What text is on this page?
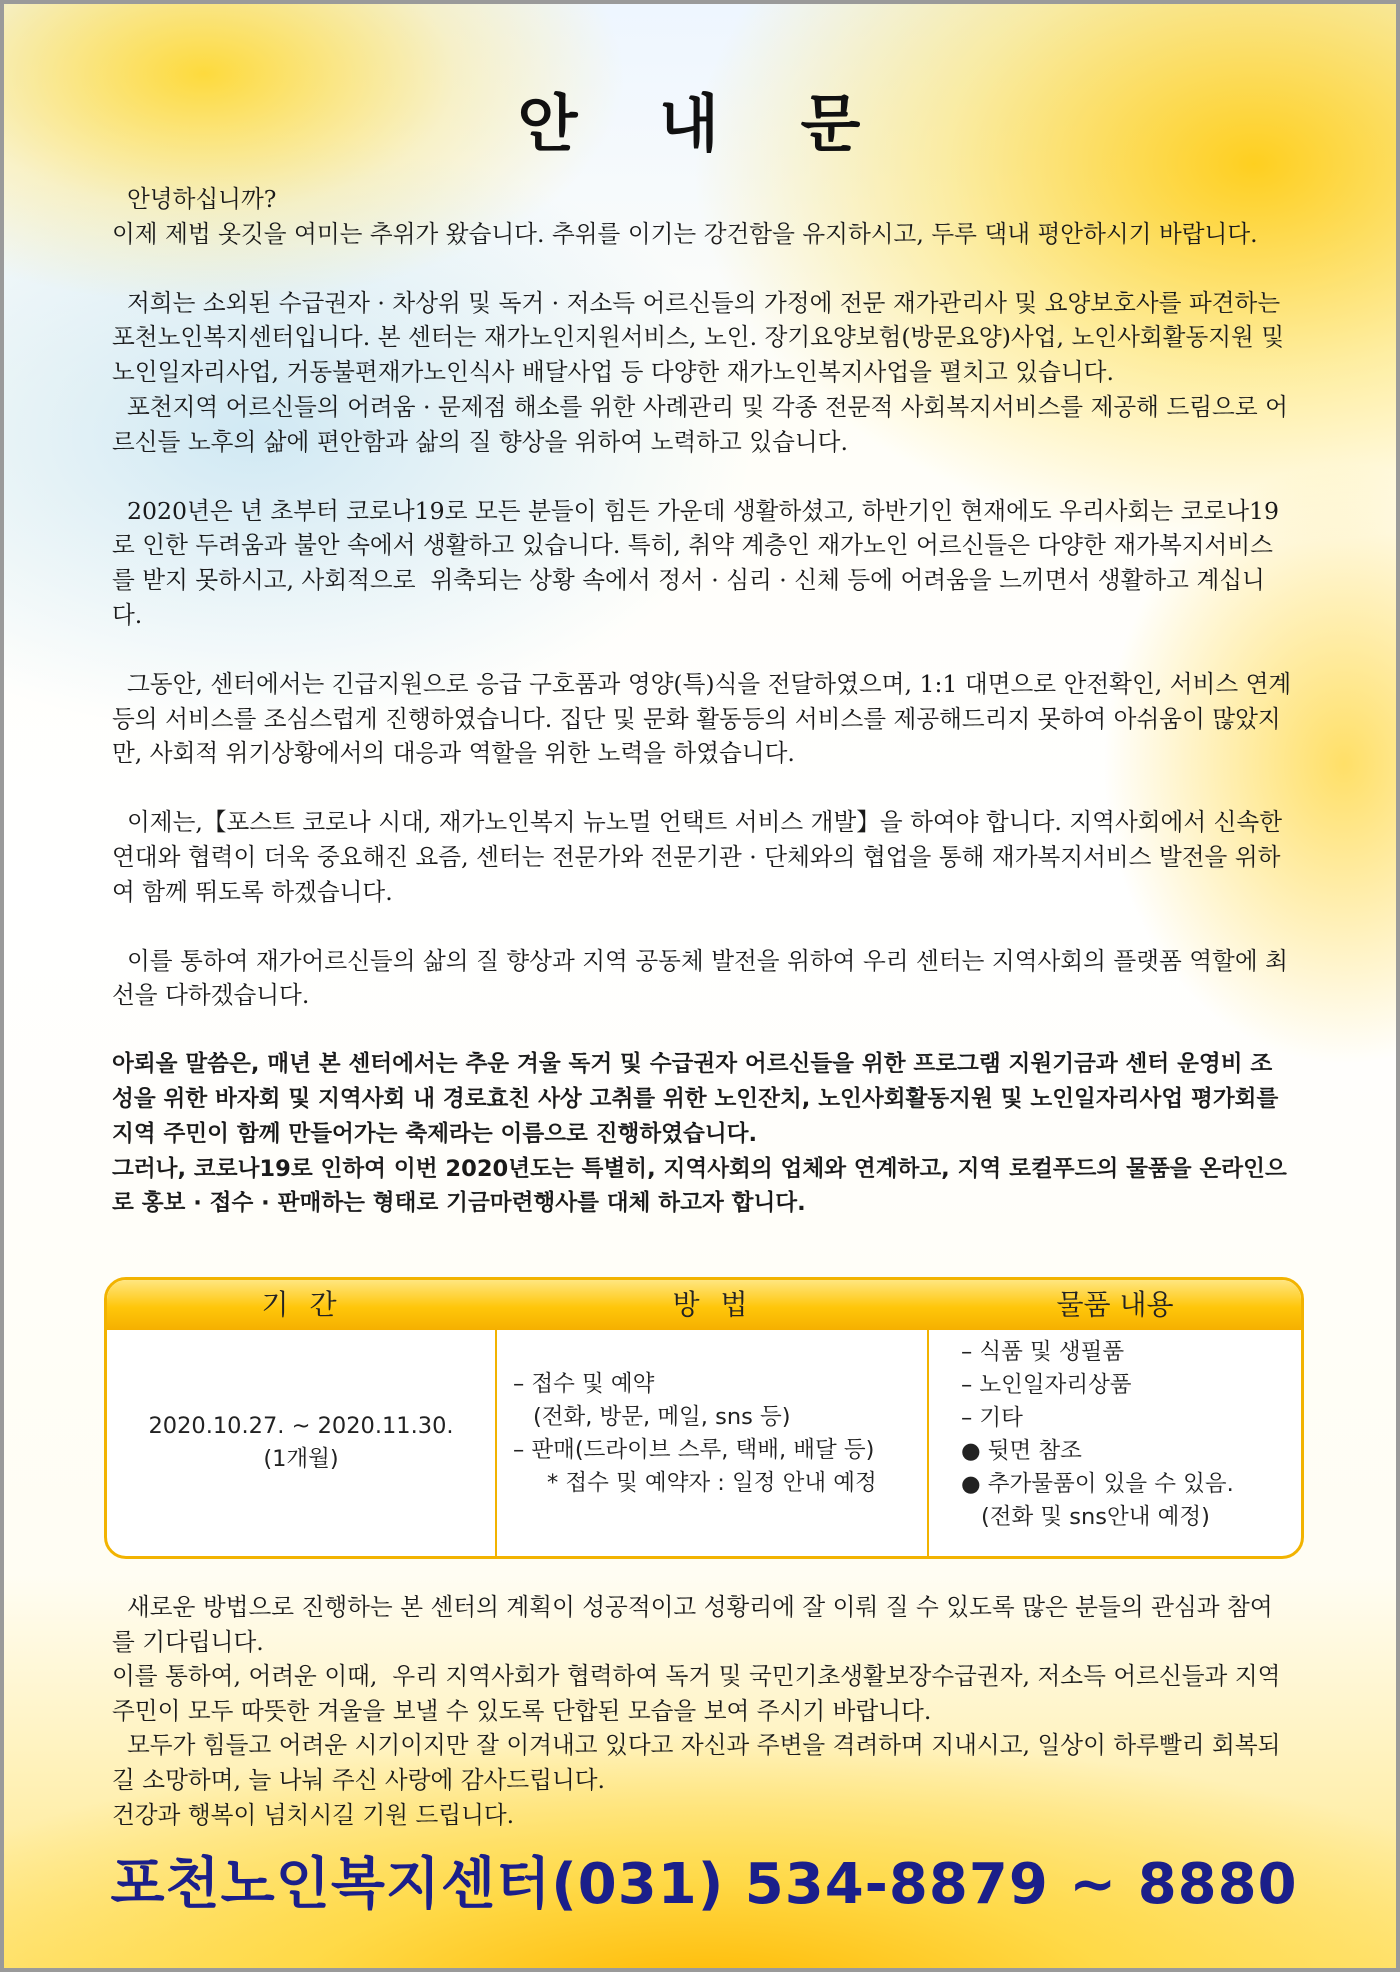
안 내 문

안녕하십니까?

이제 제법 옷깃을 여미는 추위가 왔습니다. 추위를 이기는 강건함을 유지하시고, 두루 댁내 평안하시기 바랍니다.

저희는 소외된 수급권자 · 차상위 및 독거 · 저소득 어르신들의 가정에 전문 재가관리사 및 요양보호사를 파견하는 포천노인복지센터입니다. 본 센터는 재가노인지원서비스, 노인. 장기요양보험(방문요양)사업, 노인사회활동지원 및 노인일자리사업, 거동불편재가노인식사 배달사업 등 다양한 재가노인복지사업을 펼치고 있습니다.

포천지역 어르신들의 어려움 · 문제점 해소를 위한 사례관리 및 각종 전문적 사회복지서비스를 제공해 드림으로 어르신들 노후의 삶에 편안함과 삶의 질 향상을 위하여 노력하고 있습니다.

2020년은 년 초부터 코로나19로 모든 분들이 힘든 가운데 생활하셨고, 하반기인 현재에도 우리사회는 코로나19로 인한 두려움과 불안 속에서 생활하고 있습니다. 특히, 취약 계층인 재가노인 어르신들은 다양한 재가복지서비스를 받지 못하시고, 사회적으로  위축되는 상황 속에서 정서 · 심리 · 신체 등에 어려움을 느끼면서 생활하고 계십니다.

그동안, 센터에서는 긴급지원으로 응급 구호품과 영양(특)식을 전달하였으며, 1:1 대면으로 안전확인, 서비스 연계 등의 서비스를 조심스럽게 진행하였습니다. 집단 및 문화 활동등의 서비스를 제공해드리지 못하여 아쉬움이 많았지만, 사회적 위기상황에서의 대응과 역할을 위한 노력을 하였습니다.

이제는,【포스트 코로나 시대, 재가노인복지 뉴노멀 언택트 서비스 개발】을 하여야 합니다. 지역사회에서 신속한 연대와 협력이 더욱 중요해진 요즘, 센터는 전문가와 전문기관 · 단체와의 협업을 통해 재가복지서비스 발전을 위하여 함께 뛰도록 하겠습니다.

이를 통하여 재가어르신들의 삶의 질 향상과 지역 공동체 발전을 위하여 우리 센터는 지역사회의 플랫폼 역할에 최선을 다하겠습니다.

아뢰올 말씀은, 매년 본 센터에서는 추운 겨울 독거 및 수급권자 어르신들을 위한 프로그램 지원기금과 센터 운영비 조성을 위한 바자회 및 지역사회 내 경로효친 사상 고취를 위한 노인잔치, 노인사회활동지원 및 노인일자리사업 평가회를 지역 주민이 함께 만들어가는 축제라는 이름으로 진행하였습니다.

그러나, 코로나19로 인하여 이번 2020년도는 특별히, 지역사회의 업체와 연계하고, 지역 로컬푸드의 물품을 온라인으로 홍보 · 접수 · 판매하는 형태로 기금마련행사를 대체 하고자 합니다.

기 간	방 법	물품 내용
2020.10.27. ~ 2020.11.30.
(1개월)
– 접수 및 예약
(전화, 방문, 메일, sns 등)
– 판매(드라이브 스루, 택배, 배달 등)
* 접수 및 예약자 : 일정 안내 예정
– 식품 및 생필품
– 노인일자리상품
– 기타
● 뒷면 참조
● 추가물품이 있을 수 있음.
(전화 및 sns안내 예정)

새로운 방법으로 진행하는 본 센터의 계획이 성공적이고 성황리에 잘 이뤄 질 수 있도록 많은 분들의 관심과 참여를 기다립니다.

이를 통하여, 어려운 이때,  우리 지역사회가 협력하여 독거 및 국민기초생활보장수급권자, 저소득 어르신들과 지역 주민이 모두 따뜻한 겨울을 보낼 수 있도록 단합된 모습을 보여 주시기 바랍니다.

모두가 힘들고 어려운 시기이지만 잘 이겨내고 있다고 자신과 주변을 격려하며 지내시고, 일상이 하루빨리 회복되길 소망하며, 늘 나눠 주신 사랑에 감사드립니다.

건강과 행복이 넘치시길 기원 드립니다.

포천노인복지센터(031) 534-8879 ~ 8880
